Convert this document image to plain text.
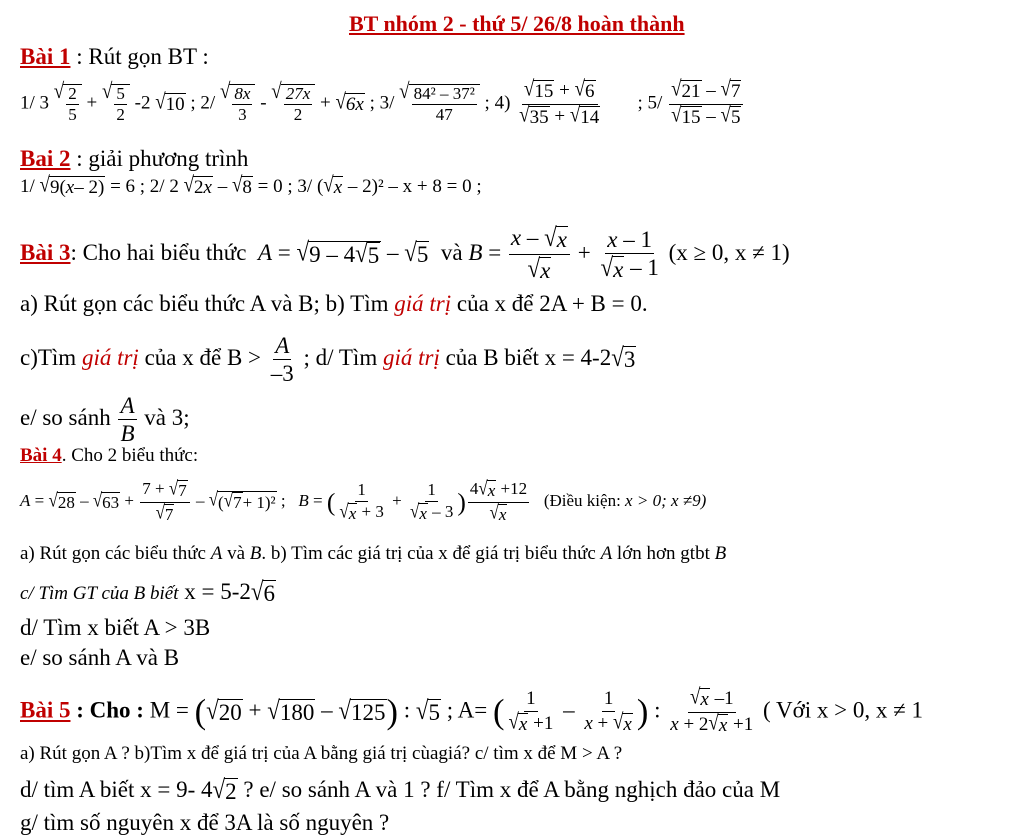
BT nhóm 2 - thứ 5/ 26/8 hoàn thành
Bài 1 : Rút gọn BT :
1/ 3 √ $\frac{2}{5}$ + √ $\frac{5}{2} -2$ √ 10 ; 2/ √ $\frac{8x}{3}$ - √ $\frac{27x}{2}$ + √ 6x ; 3/ √ $\frac{\text{84² – 37²}}{47}$ ; $4) \frac{√ 15 + √ 6}{√ 35 + √ 14}$ ; $5/ \frac{√ 21 - √ 7}{√ 15 - √ 5}$
Bai 2 : giải phương trình
1/ √ 9( x – 2) = 6 ; 2/ 2 √ 2 x – √ 8 = 0 ; 3/ ( √ x – 2)² – x + 8 = 0 ;
Bài 3: Cho hai biểu thức A = √ 9 – 4 √ 5 – √ 5 và $B = \frac{x - √ x}{√ x} + \frac{x - 1}{√ x - 1} (x \ge 0$, x ≠ 1)
a) Rút gọn các biểu thức A và B; b) Tìm giá trị của x để 2A + B = 0.
c)Tìm giá trị của x để $B > \frac{A}{-3}$ ; d/ Tìm giá trị của B biết x = 4-2 √ 3
e/ so sánh $\frac{A}{B}$ và 3;
Bài 4. Cho 2 biểu thức:
A = √ 28 – √ $63 + \frac{7 + √ 7}{√ 7}$ – √ ( √ 7 + 1)² ;   B = ( $\frac{1}{√ x + 3} + \frac{1}{√ x - 3}$ ) $\frac{4 √ x +12}{√ x}$ (Điều kiện: x > 0; x ≠9)
a) Rút gọn các biểu thức A và B. b) Tìm các giá trị của x để giá trị biểu thức A lớn hơn gtbt B
c/ Tìm GT của B biết x = 5-2 √ 6
d/ Tìm x biết A > 3B
e/ so sánh A và B
Bài 5 : Cho : M = ( √ 20 + √ 180 – √ 125 ) : √ 5 ; A= ( $\frac{1}{√ x +1} - \frac{1}{x + √ x}$ ) : $\frac{√ x -1}{x + 2 √ x +1}$ ( Với x > 0, x ≠ 1
a) Rút gọn A ? b)Tìm x để giá trị của A bằng giá trị cùagiá? c/ tìm x để M > A ?
d/ tìm A biết x = 9- 4 √ 2 ? e/ so sánh A và 1 ? f/ Tìm x để A bằng nghịch đảo của M
g/ tìm số nguyên x để 3A là số nguyên ?
